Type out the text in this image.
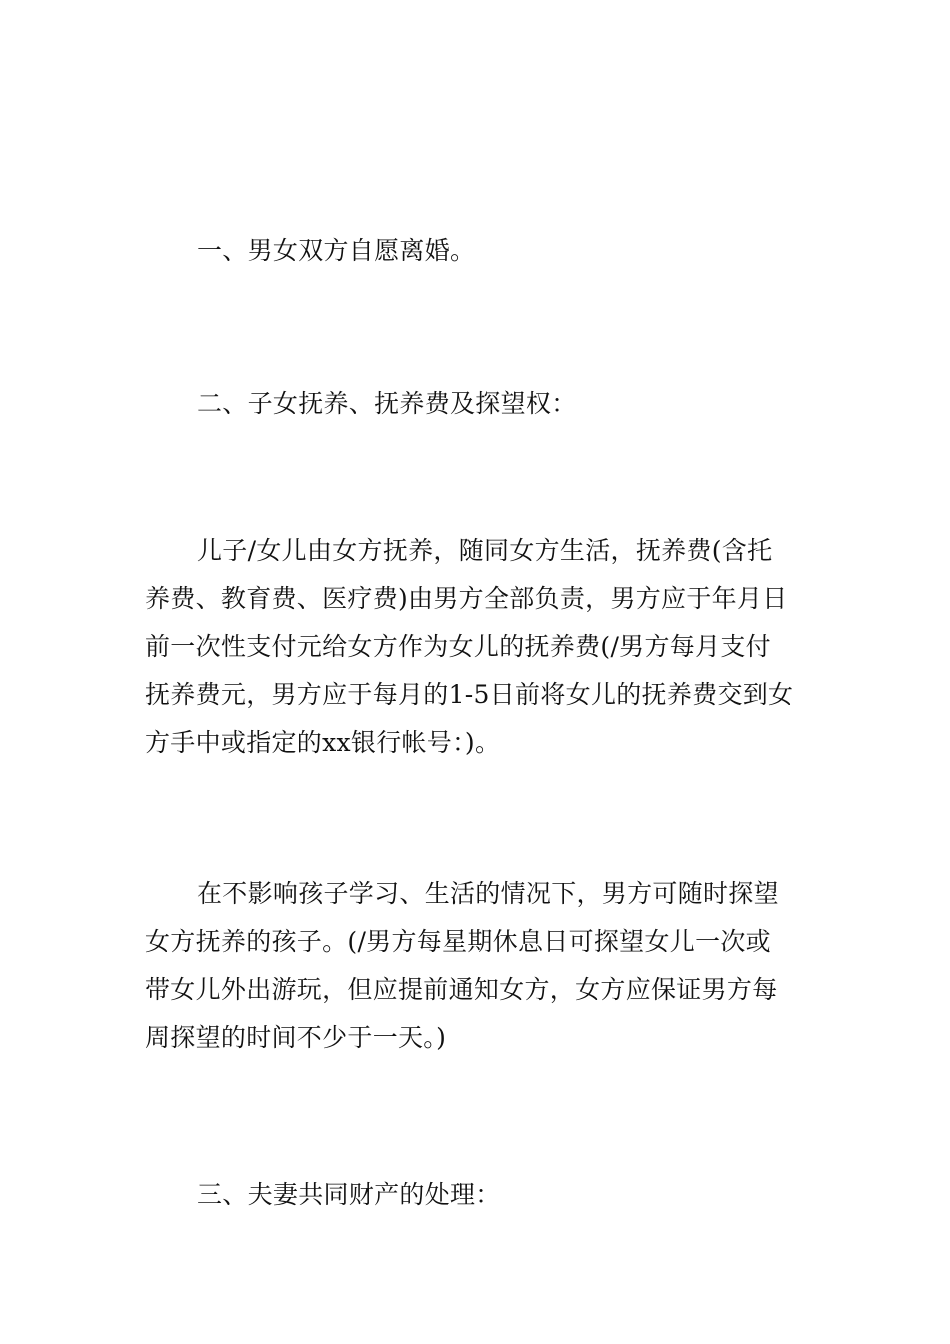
一、男女双方自愿离婚。
二、子女抚养、抚养费及探望权：
儿子/女儿由女方抚养，随同女方生活，抚养费(含托
养费、教育费、医疗费)由男方全部负责，男方应于年月日
前一次性支付元给女方作为女儿的抚养费(/男方每月支付
抚养费元，男方应于每月的1-5日前将女儿的抚养费交到女
方手中或指定的xx银行帐号：)。
在不影响孩子学习、生活的情况下，男方可随时探望
女方抚养的孩子。(/男方每星期休息日可探望女儿一次或
带女儿外出游玩，但应提前通知女方，女方应保证男方每
周探望的时间不少于一天。)
三、夫妻共同财产的处理：
